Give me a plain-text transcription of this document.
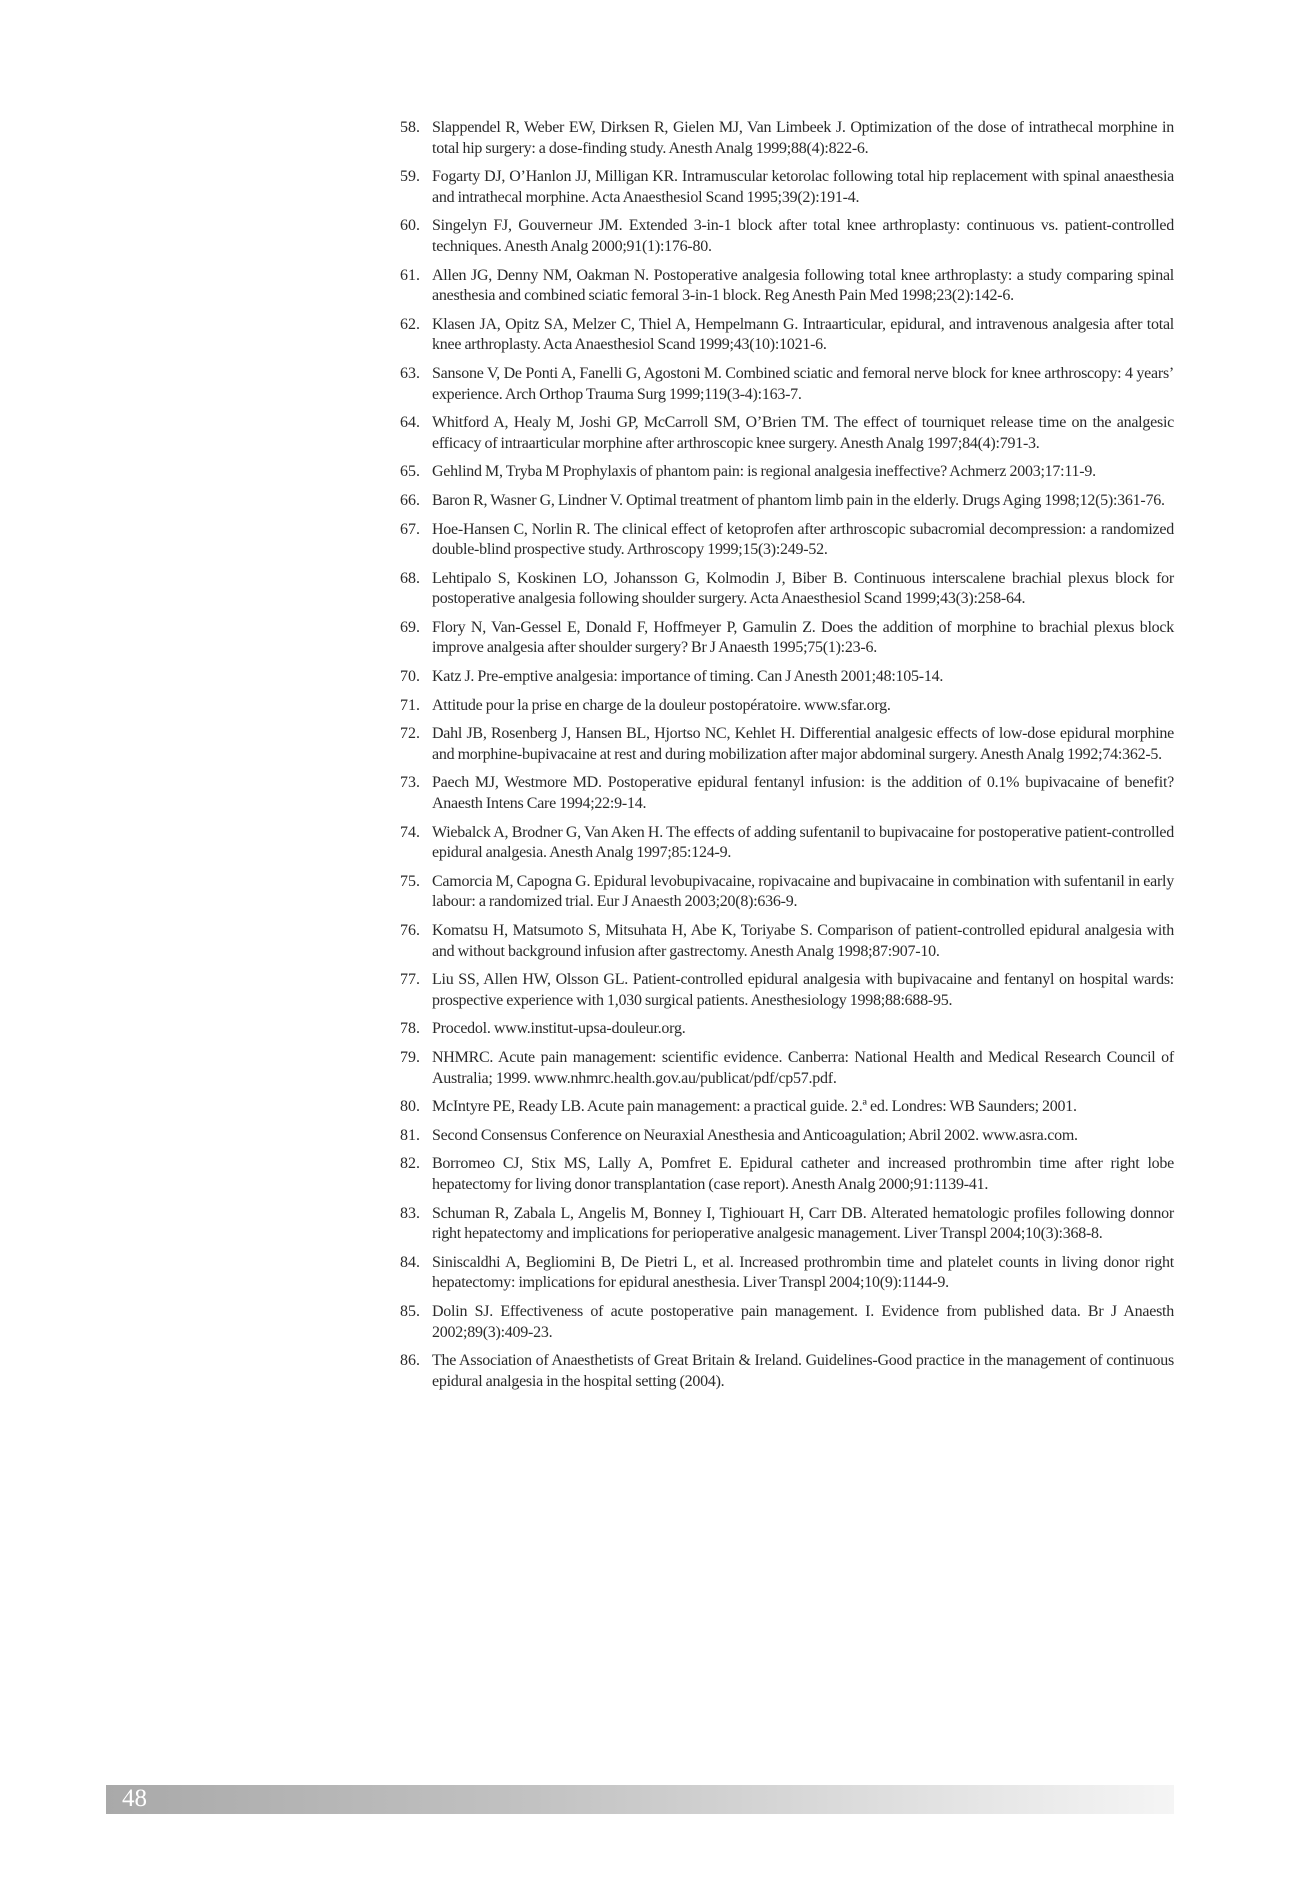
58. Slappendel R, Weber EW, Dirksen R, Gielen MJ, Van Limbeek J. Optimization of the dose of intrathecal morphine in total hip surgery: a dose-finding study. Anesth Analg 1999;88(4):822-6.
59. Fogarty DJ, O’Hanlon JJ, Milligan KR. Intramuscular ketorolac following total hip replacement with spinal anaesthesia and intrathecal morphine. Acta Anaesthesiol Scand 1995;39(2):191-4.
60. Singelyn FJ, Gouverneur JM. Extended 3-in-1 block after total knee arthroplasty: continuous vs. patient-controlled techniques. Anesth Analg 2000;91(1):176-80.
61. Allen JG, Denny NM, Oakman N. Postoperative analgesia following total knee arthroplasty: a study comparing spinal anesthesia and combined sciatic femoral 3-in-1 block. Reg Anesth Pain Med 1998;23(2):142-6.
62. Klasen JA, Opitz SA, Melzer C, Thiel A, Hempelmann G. Intraarticular, epidural, and intravenous analgesia after total knee arthroplasty. Acta Anaesthesiol Scand 1999;43(10):1021-6.
63. Sansone V, De Ponti A, Fanelli G, Agostoni M. Combined sciatic and femoral nerve block for knee arthroscopy: 4 years’ experience. Arch Orthop Trauma Surg 1999;119(3-4):163-7.
64. Whitford A, Healy M, Joshi GP, McCarroll SM, O’Brien TM. The effect of tourniquet release time on the analgesic efficacy of intraarticular morphine after arthroscopic knee surgery. Anesth Analg 1997;84(4):791-3.
65. Gehlind M, Tryba M Prophylaxis of phantom pain: is regional analgesia ineffective? Achmerz 2003;17:11-9.
66. Baron R, Wasner G, Lindner V. Optimal treatment of phantom limb pain in the elderly. Drugs Aging 1998;12(5):361-76.
67. Hoe-Hansen C, Norlin R. The clinical effect of ketoprofen after arthroscopic subacromial decompression: a randomized double-blind prospective study. Arthroscopy 1999;15(3):249-52.
68. Lehtipalo S, Koskinen LO, Johansson G, Kolmodin J, Biber B. Continuous interscalene brachial plexus block for postoperative analgesia following shoulder surgery. Acta Anaesthesiol Scand 1999;43(3):258-64.
69. Flory N, Van-Gessel E, Donald F, Hoffmeyer P, Gamulin Z. Does the addition of morphine to brachial plexus block improve analgesia after shoulder surgery? Br J Anaesth 1995;75(1):23-6.
70. Katz J. Pre-emptive analgesia: importance of timing. Can J Anesth 2001;48:105-14.
71. Attitude pour la prise en charge de la douleur postopératoire. www.sfar.org.
72. Dahl JB, Rosenberg J, Hansen BL, Hjortso NC, Kehlet H. Differential analgesic effects of low-dose epidural morphine and morphine-bupivacaine at rest and during mobilization after major abdominal surgery. Anesth Analg 1992;74:362-5.
73. Paech MJ, Westmore MD. Postoperative epidural fentanyl infusion: is the addition of 0.1% bupivacaine of benefit? Anaesth Intens Care 1994;22:9-14.
74. Wiebalck A, Brodner G, Van Aken H. The effects of adding sufentanil to bupivacaine for postoperative patient-controlled epidural analgesia. Anesth Analg 1997;85:124-9.
75. Camorcia M, Capogna G. Epidural levobupivacaine, ropivacaine and bupivacaine in combination with sufentanil in early labour: a randomized trial. Eur J Anaesth 2003;20(8):636-9.
76. Komatsu H, Matsumoto S, Mitsuhata H, Abe K, Toriyabe S. Comparison of patient-controlled epidural analgesia with and without background infusion after gastrectomy. Anesth Analg 1998;87:907-10.
77. Liu SS, Allen HW, Olsson GL. Patient-controlled epidural analgesia with bupivacaine and fentanyl on hospital wards: prospective experience with 1,030 surgical patients. Anesthesiology 1998;88:688-95.
78. Procedol. www.institut-upsa-douleur.org.
79. NHMRC. Acute pain management: scientific evidence. Canberra: National Health and Medical Research Council of Australia; 1999. www.nhmrc.health.gov.au/publicat/pdf/cp57.pdf.
80. McIntyre PE, Ready LB. Acute pain management: a practical guide. 2.ª ed. Londres: WB Saunders; 2001.
81. Second Consensus Conference on Neuraxial Anesthesia and Anticoagulation; Abril 2002. www.asra.com.
82. Borromeo CJ, Stix MS, Lally A, Pomfret E. Epidural catheter and increased prothrombin time after right lobe hepatectomy for living donor transplantation (case report). Anesth Analg 2000;91:1139-41.
83. Schuman R, Zabala L, Angelis M, Bonney I, Tighiouart H, Carr DB. Alterated hematologic profiles following donnor right hepatectomy and implications for perioperative analgesic management. Liver Transpl 2004;10(3):368-8.
84. Siniscaldhi A, Begliomini B, De Pietri L, et al. Increased prothrombin time and platelet counts in living donor right hepatectomy: implications for epidural anesthesia. Liver Transpl 2004;10(9):1144-9.
85. Dolin SJ. Effectiveness of acute postoperative pain management. I. Evidence from published data. Br J Anaesth 2002;89(3):409-23.
86. The Association of Anaesthetists of Great Britain & Ireland. Guidelines-Good practice in the management of continuous epidural analgesia in the hospital setting (2004).
48
